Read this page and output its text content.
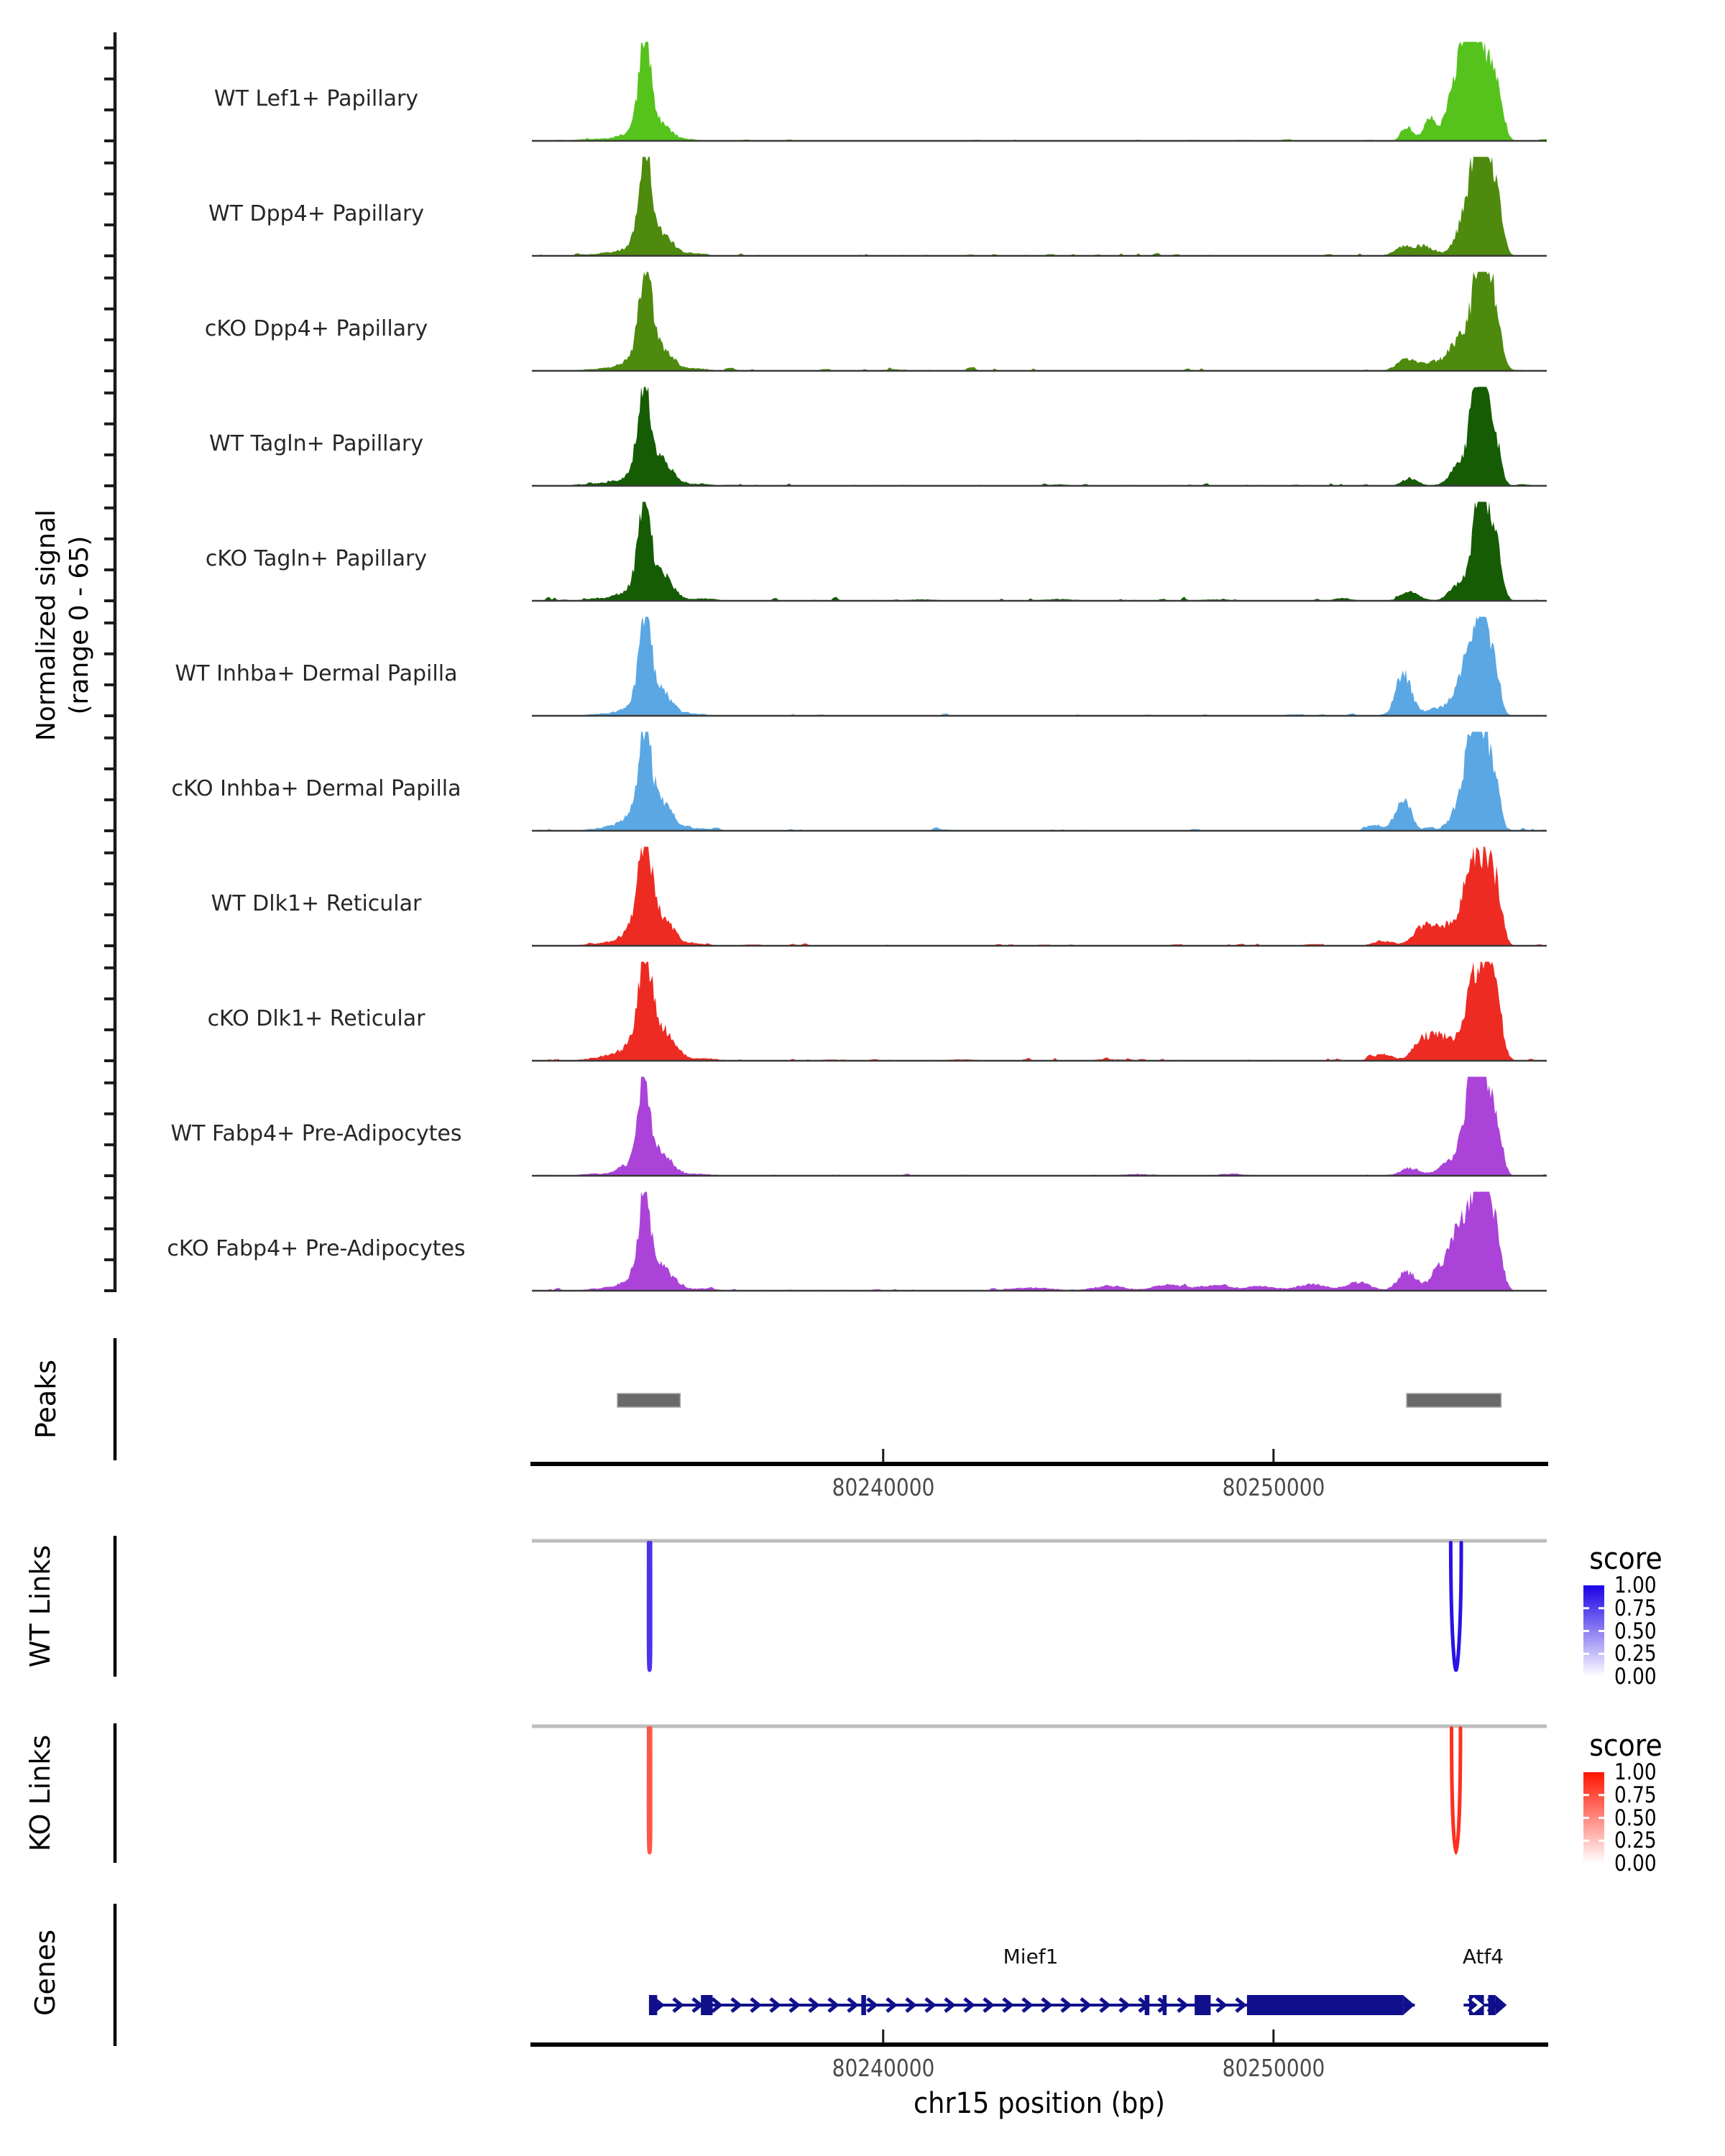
Normalized signal (range 0 - 65)
Peaks
WT Links
KO Links
Genes
score
score
chr15 position (bp)
WT Lef1+ Papillary
WT Dpp4+ Papillary
cKO Dpp4+ Papillary
WT Tagln+ Papillary
cKO Tagln+ Papillary
WT Inhba+ Dermal Papilla
cKO Inhba+ Dermal Papilla
WT Dlk1+ Reticular
cKO Dlk1+ Reticular
WT Fabp4+ Pre-Adipocytes
cKO Fabp4+ Pre-Adipocytes
80240000	80250000
80240000	80250000
1.00
0.75
0.50
0.25
0.00
1.00
0.75
0.50
0.25
0.00
Mief1	Atf4
